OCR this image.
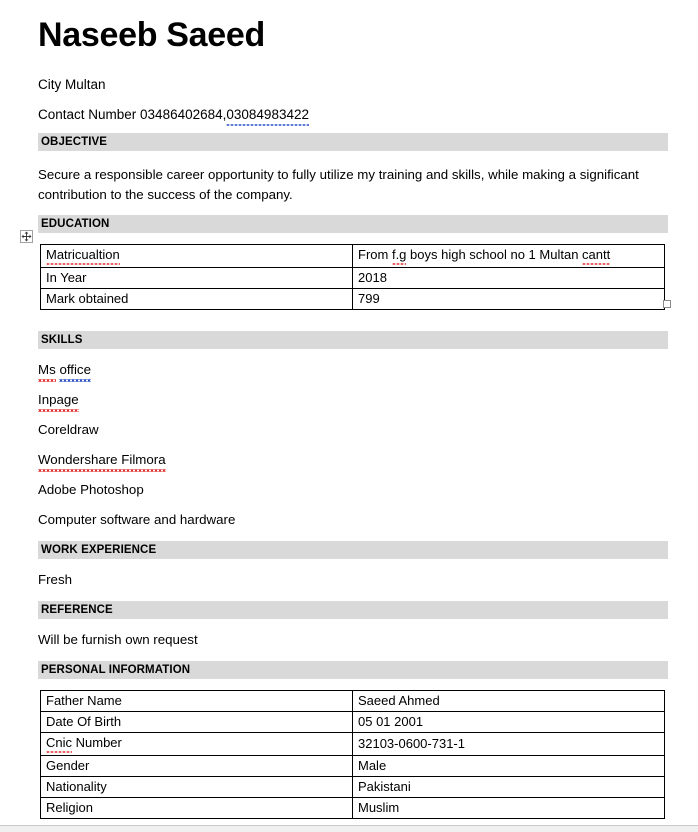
Naseeb Saeed
City Multan
Contact Number 03486402684,03084983422
OBJECTIVE
Secure a responsible career opportunity to fully utilize my training and skills, while making a significant contribution to the success of the company.
EDUCATION
Matricualtion	From f.g boys high school no 1 Multan cantt
In Year	2018
Mark obtained	799
SKILLS
Ms office
Inpage
Coreldraw
Wondershare Filmora
Adobe Photoshop
Computer software and hardware
WORK EXPERIENCE
Fresh
REFERENCE
Will be furnish own request
PERSONAL INFORMATION
Father Name	Saeed Ahmed
Date Of Birth	05 01 2001
Cnic Number	32103-0600-731-1
Gender	Male
Nationality	Pakistani
Religion	Muslim
